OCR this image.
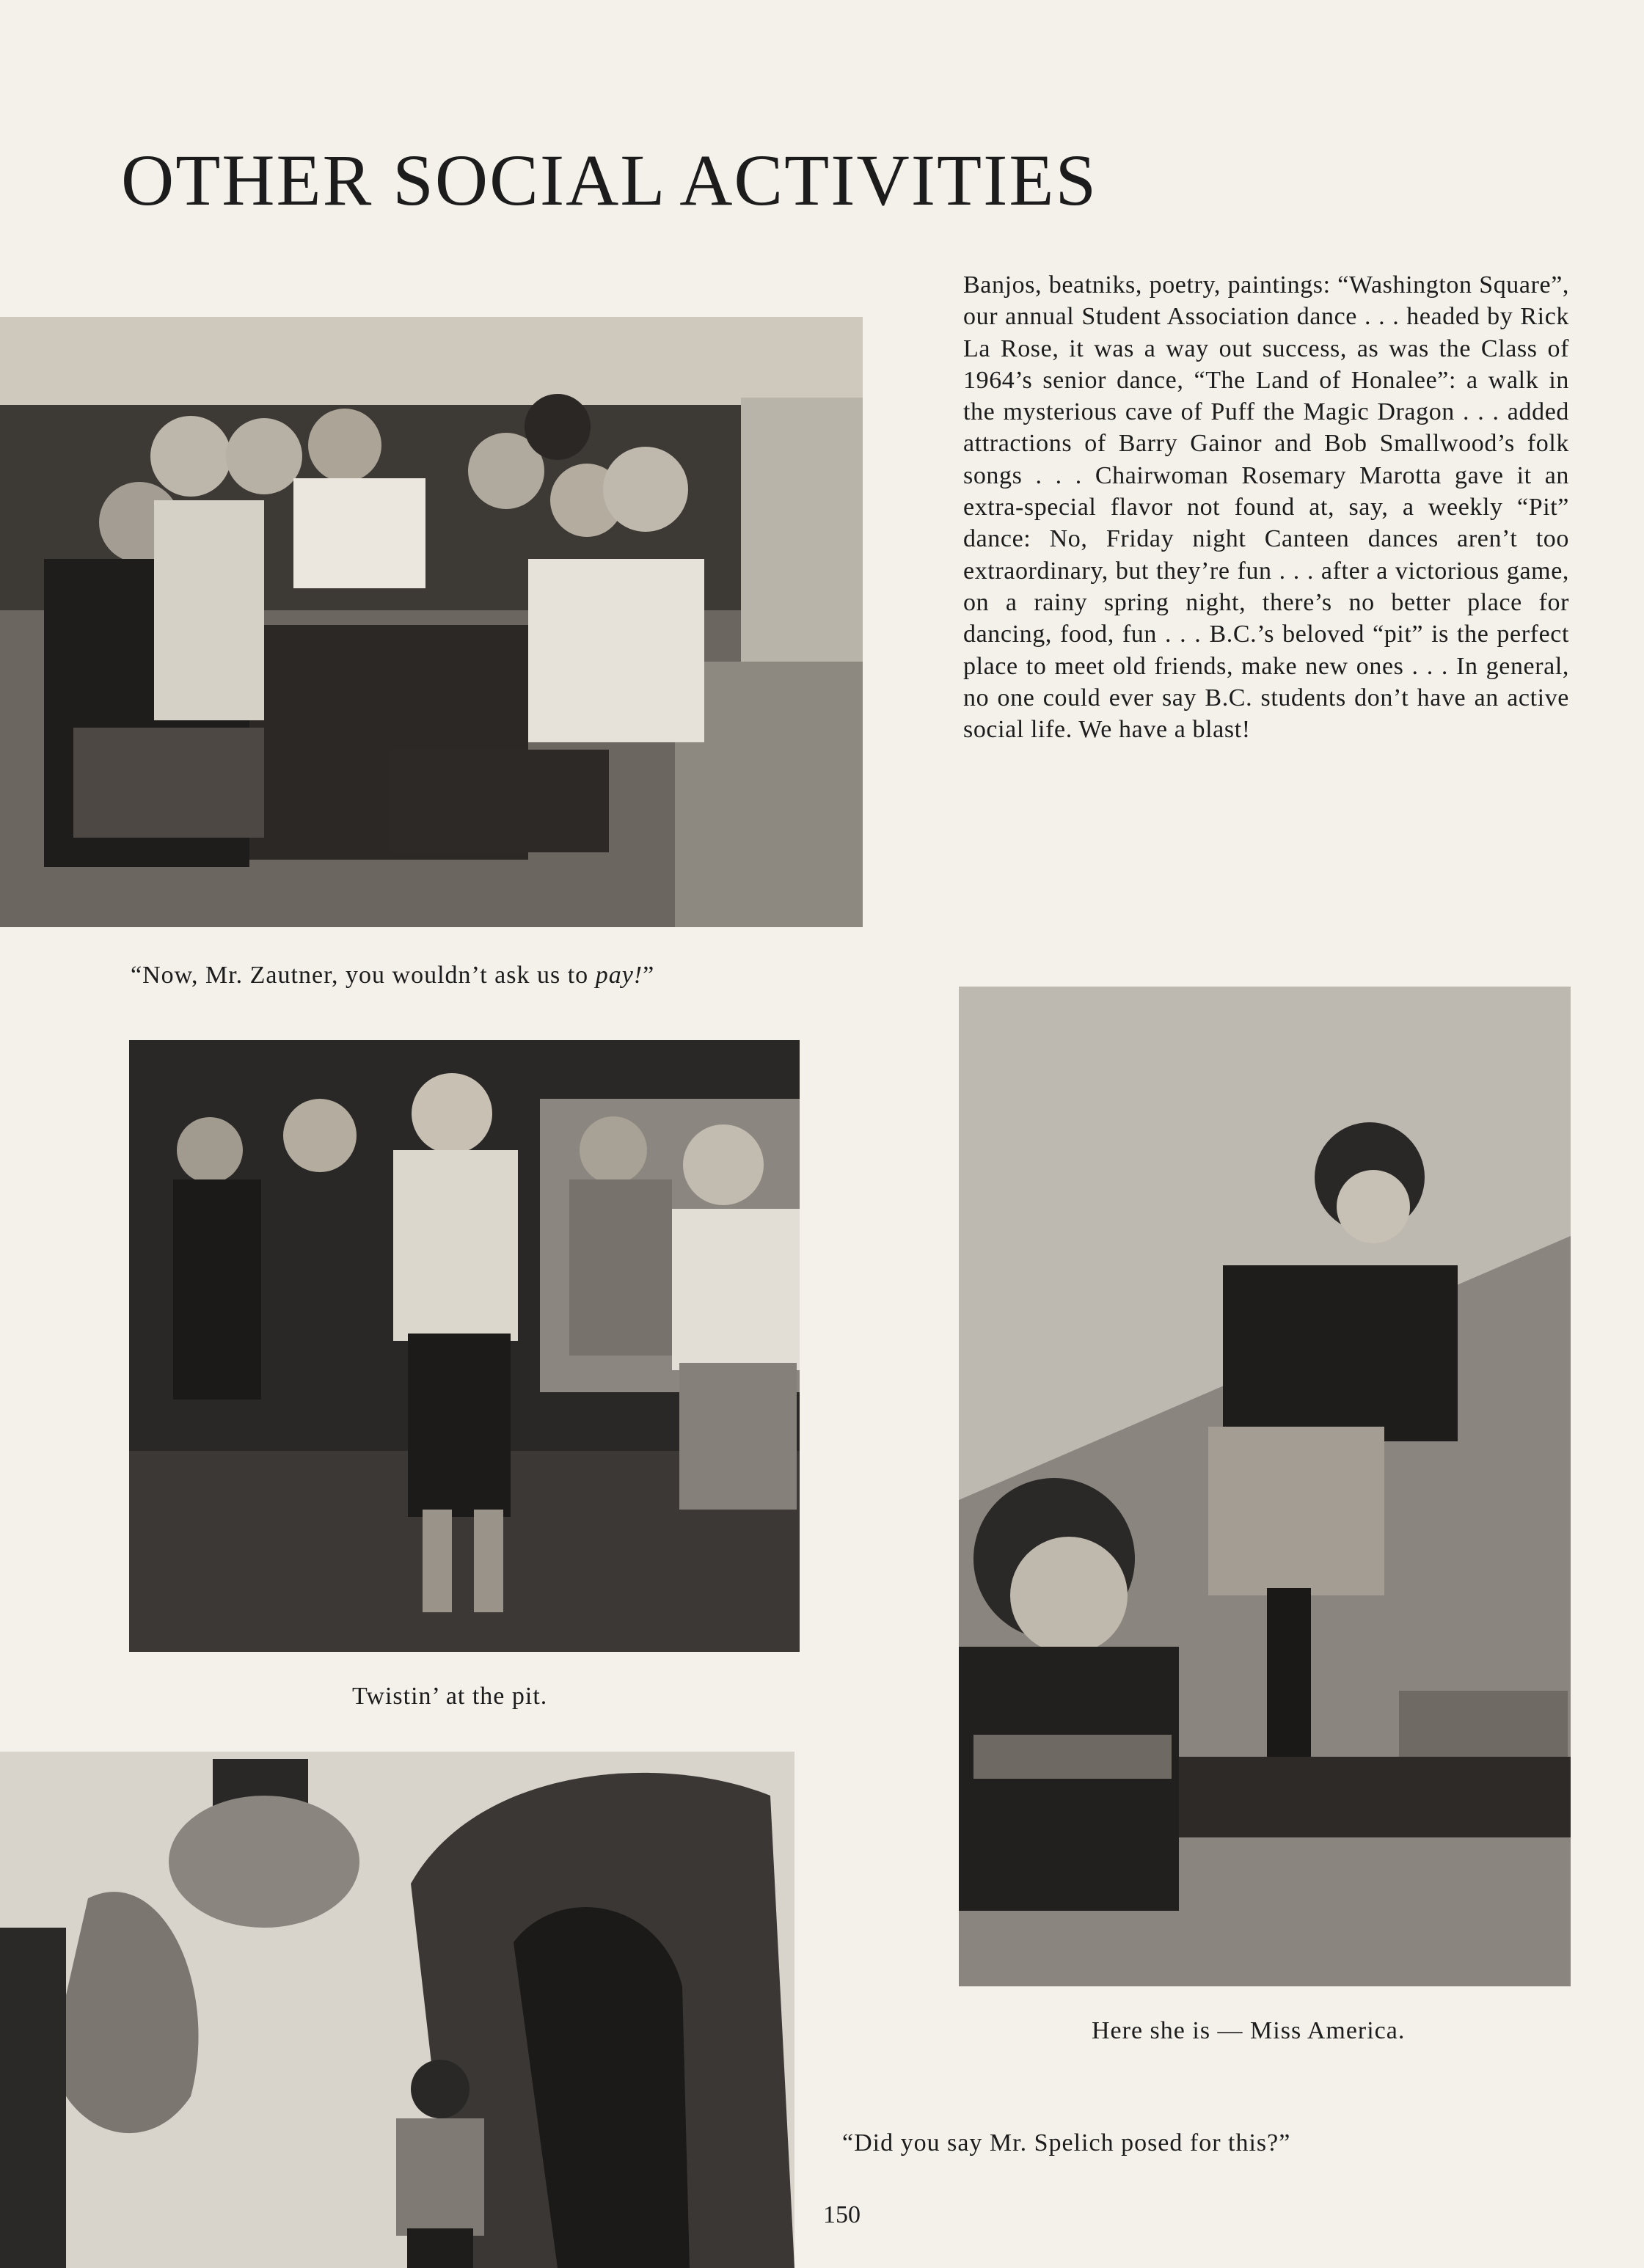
OTHER SOCIAL ACTIVITIES
Banjos, beatniks, poetry, paintings: “Washington Square”, our annual Student Association dance . . . headed by Rick La Rose, it was a way out success, as was the Class of 1964’s senior dance, “The Land of Honalee”: a walk in the mysterious cave of Puff the Magic Dragon . . . added attractions of Barry Gainor and Bob Smallwood’s folk songs . . . Chairwoman Rosemary Marotta gave it an extra-special flavor not found at, say, a weekly “Pit” dance: No, Friday night Canteen dances aren’t too extraordinary, but they’re fun . . . after a victorious game, on a rainy spring night, there’s no better place for dancing, food, fun . . . B.C.’s beloved “pit” is the perfect place to meet old friends, make new ones . . . In general, no one could ever say B.C. students don’t have an active social life. We have a blast!
“Now, Mr. Zautner, you wouldn’t ask us to pay!”
Twistin’ at the pit.
Here she is — Miss America.
“Did you say Mr. Spelich posed for this?”
150
